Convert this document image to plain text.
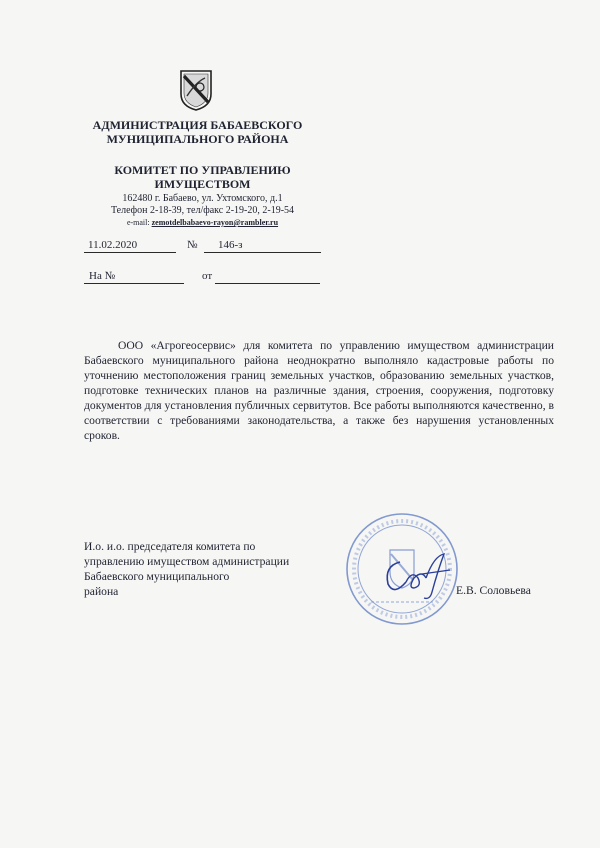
АДМИНИСТРАЦИЯ БАБАЕВСКОГО
МУНИЦИПАЛЬНОГО РАЙОНА
КОМИТЕТ ПО УПРАВЛЕНИЮ
ИМУЩЕСТВОМ
162480 г. Бабаево, ул. Ухтомского, д.1
Телефон 2-18-39, тел/факс 2-19-20, 2-19-54
e-mail: zemotdelbabaevo-rayon@rambler.ru
11.02.2020	№ 146-з
На №	от
ООО «Агрогеосервис» для комитета по управлению имуществом администрации Бабаевского муниципального района неоднократно выполняло кадастровые работы по уточнению местоположения границ земельных участков, образованию земельных участков, подготовке технических планов на различные здания, строения, сооружения, подготовку документов для установления публичных сервитутов. Все работы выполняются качественно, в соответствии с требованиями законодательства, а также без нарушения установленных сроков.
И.о. и.о. председателя комитета по
управлению имуществом администрации
Бабаевского муниципального
района	Е.В. Соловьева
